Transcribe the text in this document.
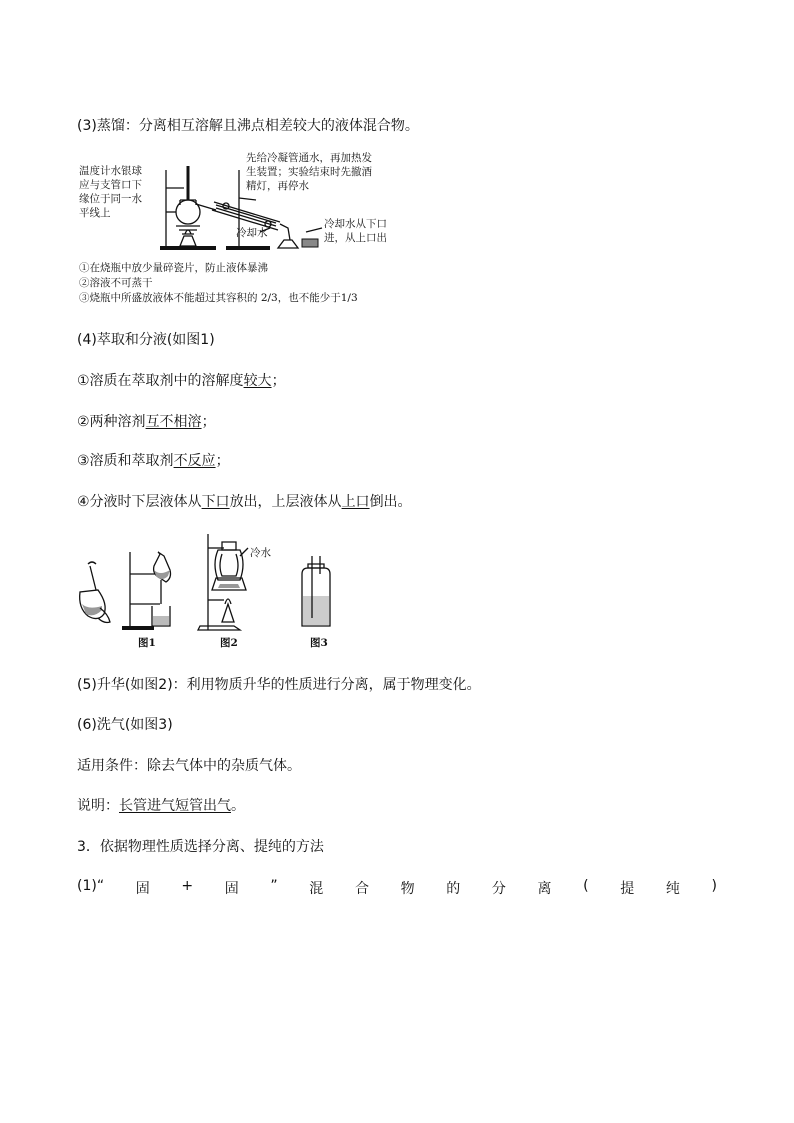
(3)蒸馏：分离相互溶解且沸点相差较大的液体混合物。
温度计水银球
应与支管口下
缘位于同一水
平线上
先给冷凝管通水，再加热发
生装置；实验结束时先撤酒
精灯，再停水
冷却水
冷却水从下口
进，从上口出
①在烧瓶中放少量碎瓷片，防止液体暴沸
②溶液不可蒸干
③烧瓶中所盛放液体不能超过其容积的 2/3，也不能少于1/3
(4)萃取和分液(如图1)
①溶质在萃取剂中的溶解度较大；
②两种溶剂互不相溶；
③溶质和萃取剂不反应；
④分液时下层液体从下口放出，上层液体从上口倒出。
图1
冷水
图2	图3
(5)升华(如图2)：利用物质升华的性质进行分离，属于物理变化。
(6)洗气(如图3)
适用条件：除去气体中的杂质气体。
说明：长管进气短管出气。
3．依据物理性质选择分离、提纯的方法
(1)“ 固 + 固 ” 混 合 物 的 分 离 ( 提 纯 )
